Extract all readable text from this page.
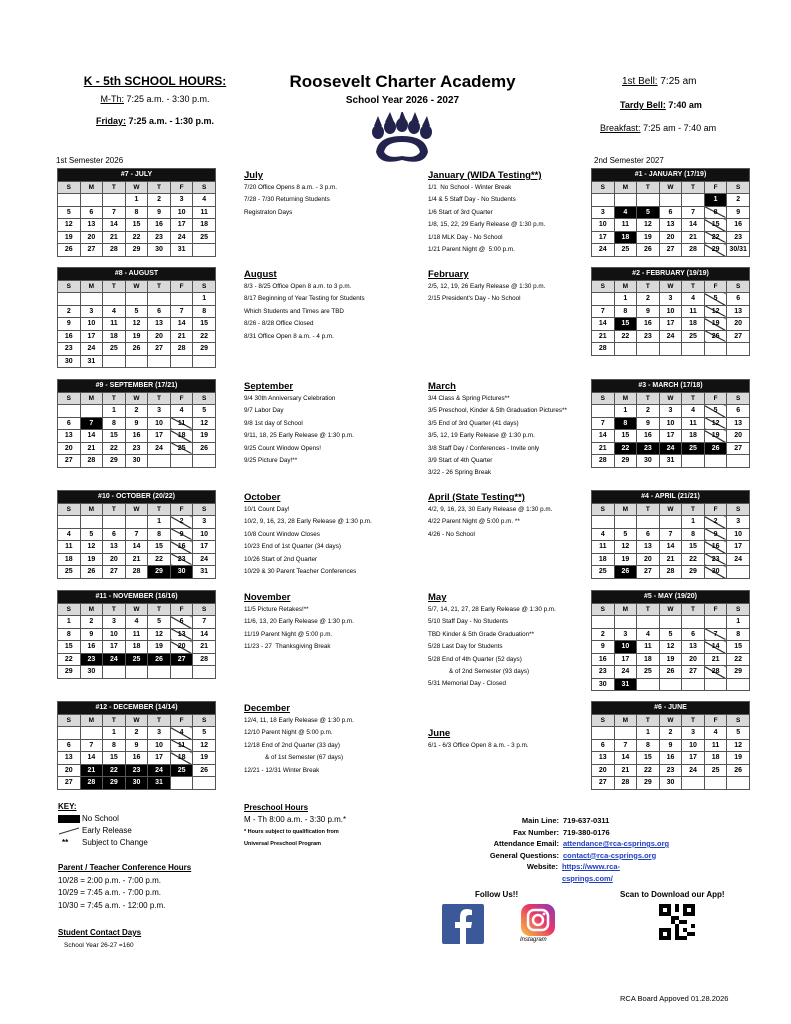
K - 5th SCHOOL HOURS:
M-Th: 7:25 a.m. - 3:30 p.m.
Friday: 7:25 a.m. - 1:30 p.m.
Roosevelt Charter Academy
School Year 2026 - 2027
1st Bell: 7:25 am
Tardy Bell: 7:40 am
Breakfast: 7:25 am - 7:40 am
1st Semester 2026	2nd Semester 2027
#7 - JULY						
S	M	T	W	T	F	S
			1	2	3	4
5	6	7	8	9	10	11
12	13	14	15	16	17	18
19	20	21	22	23	24	25
26	27	28	29	30	31	
#8 - AUGUST						
S	M	T	W	T	F	S
						1
2	3	4	5	6	7	8
9	10	11	12	13	14	15
16	17	18	19	20	21	22
23	24	25	26	27	28	29
30	31					
#9 - SEPTEMBER (17/21)						
S	M	T	W	T	F	S
		1	2	3	4	5
6	7	8	9	10	11	12
13	14	15	16	17	18	19
20	21	22	23	24	25	26
27	28	29	30			
#10 - OCTOBER (20/22)						
S	M	T	W	T	F	S
				1	2	3
4	5	6	7	8	9	10
11	12	13	14	15	16	17
18	19	20	21	22	23	24
25	26	27	28	29	30	31
#11 - NOVEMBER (16/16)						
S	M	T	W	T	F	S
1	2	3	4	5	6	7
8	9	10	11	12	13	14
15	16	17	18	19	20	21
22	23	24	25	26	27	28
29	30					
#12 - DECEMBER (14/14)						
S	M	T	W	T	F	S
		1	2	3	4	5
6	7	8	9	10	11	12
13	14	15	16	17	18	19
20	21	22	23	24	25	26
27	28	29	30	31		
#1 - JANUARY (17/19)						
S	M	T	W	T	F	S
					1	2
3	4	5	6	7	8	9
10	11	12	13	14	15	16
17	18	19	20	21	22	23
24	25	26	27	28	29	30/31
#2 - FEBRUARY (19/19)						
S	M	T	W	T	F	S
	1	2	3	4	5	6
7	8	9	10	11	12	13
14	15	16	17	18	19	20
21	22	23	24	25	26	27
28						
#3 - MARCH (17/18)						
S	M	T	W	T	F	S
	1	2	3	4	5	6
7	8	9	10	11	12	13
14	15	16	17	18	19	20
21	22	23	24	25	26	27
28	29	30	31			
#4 - APRIL (21/21)						
S	M	T	W	T	F	S
				1	2	3
4	5	6	7	8	9	10
11	12	13	14	15	16	17
18	19	20	21	22	23	24
25	26	27	28	29	30	
#5 - MAY (19/20)						
S	M	T	W	T	F	S
						1
2	3	4	5	6	7	8
9	10	11	12	13	14	15
16	17	18	19	20	21	22
23	24	25	26	27	28	29
30	31					
#6 - JUNE						
S	M	T	W	T	F	S
		1	2	3	4	5
6	7	8	9	10	11	12
13	14	15	16	17	18	19
20	21	22	23	24	25	26
27	28	29	30			
July
7/20 Office Opens 8 a.m. - 3 p.m.
7/28 - 7/30 Returning Students
Registraton Days
August
8/3 - 8/25 Office Open 8 a.m. to 3 p.m.
8/17 Beginning of Year Testing for Students
Which Students and Times are TBD
8/26 - 8/28 Office Closed
8/31 Office Open 8 a.m. - 4 p.m.
September
9/4 30th Anniversary Celebration
9/7 Labor Day
9/8 1st day of School
9/11, 18, 25 Early Release @ 1:30 p.m.
9/25 Count Window Opens!
9/25 Picture Day!**
October
10/1 Count Day!
10/2, 9, 16, 23, 28 Early Release @ 1:30 p.m.
10/8 Count Window Closes
10/23 End of 1st Quarter (34 days)
10/26 Start of 2nd Quarter
10/29 & 30 Parent Teacher Conferences
November
11/5 Picture Retakes!**
11/6, 13, 20 Early Release @ 1:30 p.m.
11/19 Parent Night @ 5:00 p.m.
11/23 - 27  Thanksgiving Break
December
12/4, 11, 18 Early Release @ 1:30 p.m.
12/10 Parent Night @ 5:00 p.m.
12/18 End of 2nd Quarter (33 day)
& of 1st Semester (67 days)
12/21 - 12/31 Winter Break
January (WIDA Testing**)
1/1  No School - Winter Break
1/4 & 5 Staff Day - No Students
1/6 Start of 3rd Quarter
1/8, 15, 22, 29 Early Release @ 1:30 p.m.
1/18 MLK Day - No School
1/21 Parent Night @  5:00 p.m.
February
2/5, 12, 19, 26 Early Release @ 1:30 p.m.
2/15 President's Day - No School
March
3/4 Class & Spring Pictures**
3/5 Preschool, Kinder & 5th Graduation Pictures**
3/5 End of 3rd Quarter (41 days)
3/5, 12, 19 Early Release @ 1:30 p.m.
3/8 Staff Day / Conferences - Invite only
3/9 Start of 4th Quarter
3/22 - 26 Spring Break
April (State Testing**)
4/2, 9, 16, 23, 30 Early Release @ 1:30 p.m.
4/22 Parent Night @ 5:00 p.m. **
4/26 - No School
May
5/7, 14, 21, 27, 28 Early Release @ 1:30 p.m.
5/10 Staff Day - No Students
TBD Kinder & 5th Grade Graduation**
5/28 Last Day for Students
5/28 End of 4th Quarter (52 days)
& of 2nd Semester (93 days)
5/31 Memorial Day - Closed
June
6/1 - 6/3 Office Open 8 a.m. - 3 p.m.
KEY:
No School
Early Release
**	Subject to Change
Parent / Teacher Conference Hours
10/28 = 2:00 p.m. - 7:00 p.m.
10/29 = 7:45 a.m. - 7:00 p.m.
10/30 = 7:45 a.m. - 12:00 p.m.
Student Contact Days
School Year 26-27 =160
Preschool Hours
M - Th 8:00 a.m. - 3:30 p.m.*
* Hours subject to qualification from
Universal Preschool Program
Main Line: 719-637-0311
Fax Number: 719-380-0176
Attendance Email: attendance@rca-csprings.org
General Questions: contact@rca-csprings.org
Website: https://www.rca-csprings.com/
Follow Us!!	Scan to Download our App!
Instagram
RCA Board Appoved 01.28.2026
